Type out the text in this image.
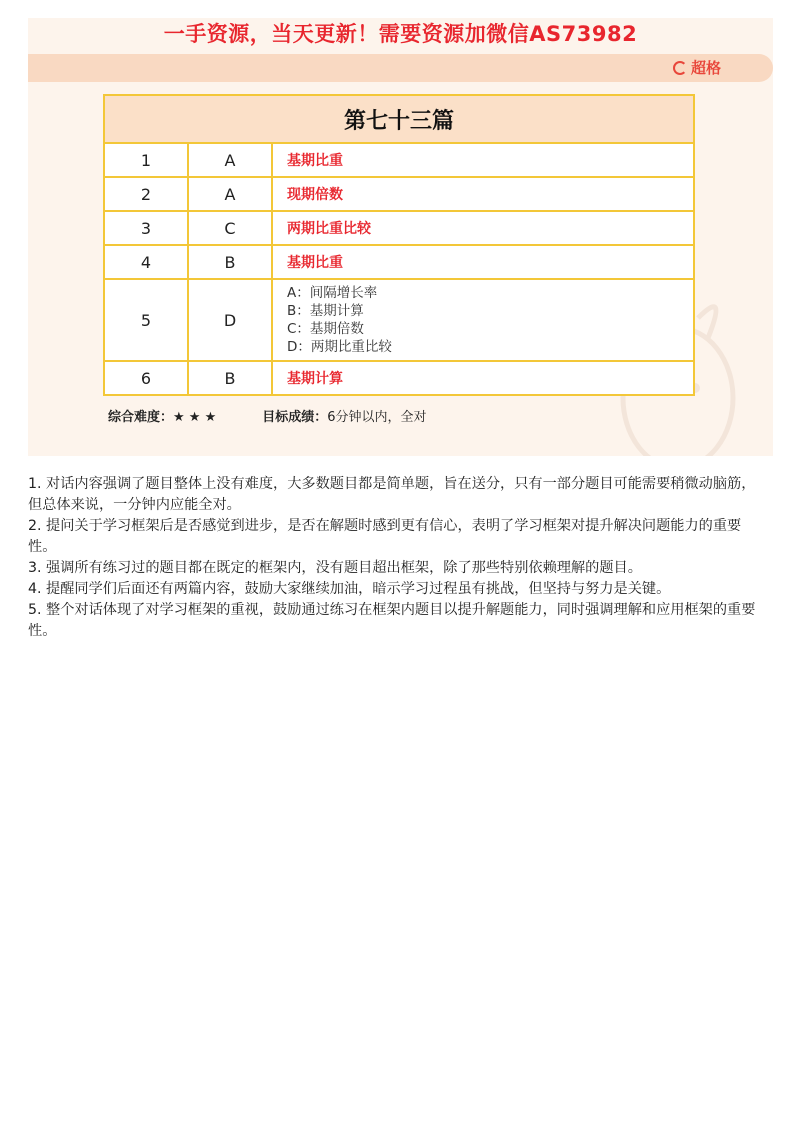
一手资源，当天更新！需要资源加微信AS73982
超格
第七十三篇		
1	A	基期比重
2	A	现期倍数
3	C	两期比重比较
4	B	基期比重
5	D	A：间隔增长率
B：基期计算
C：基期倍数
D：两期比重比较

6	B	基期计算
综合难度：★ ★ ★	目标成绩：6分钟以内，全对

1. 对话内容强调了题目整体上没有难度，大多数题目都是简单题，旨在送分，只有一部分题目可能需要稍微动脑筋，但总体来说，一分钟内应能全对。

2. 提问关于学习框架后是否感觉到进步，是否在解题时感到更有信心，表明了学习框架对提升解决问题能力的重要性。

3. 强调所有练习过的题目都在既定的框架内，没有题目超出框架，除了那些特别依赖理解的题目。

4. 提醒同学们后面还有两篇内容，鼓励大家继续加油，暗示学习过程虽有挑战，但坚持与努力是关键。

5. 整个对话体现了对学习框架的重视，鼓励通过练习在框架内题目以提升解题能力，同时强调理解和应用框架的重要性。
